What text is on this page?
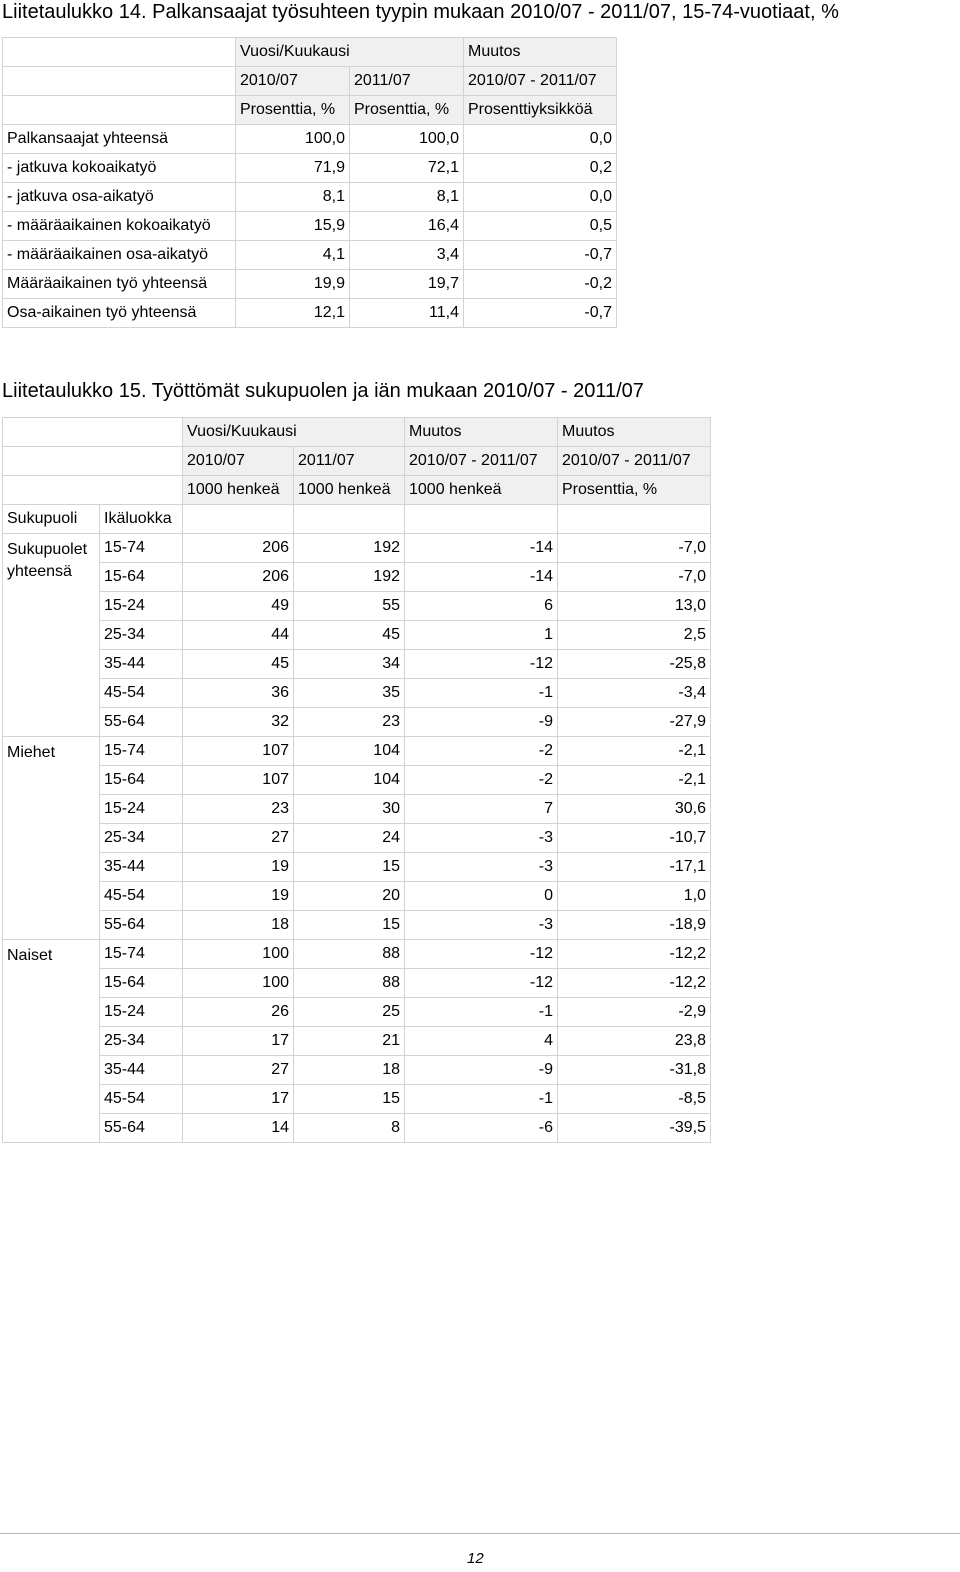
Liitetaulukko 14. Palkansaajat työsuhteen tyypin mukaan 2010/07 - 2011/07, 15-74-vuotiaat, %
	Vuosi/Kuukausi		Muutos
	2010/07	2011/07	2010/07 - 2011/07
	Prosenttia, %	Prosenttia, %	Prosenttiyksikköä
Palkansaajat yhteensä	100,0	100,0	0,0
- jatkuva kokoaikatyö	71,9	72,1	0,2
- jatkuva osa-aikatyö	8,1	8,1	0,0
- määräaikainen kokoaikatyö	15,9	16,4	0,5
- määräaikainen osa-aikatyö	4,1	3,4	-0,7
Määräaikainen työ yhteensä	19,9	19,7	-0,2
Osa-aikainen työ yhteensä	12,1	11,4	-0,7
Liitetaulukko 15. Työttömät sukupuolen ja iän mukaan 2010/07 - 2011/07
		Vuosi/Kuukausi		Muutos	Muutos
		2010/07	2011/07	2010/07 - 2011/07	2010/07 - 2011/07
		1000 henkeä	1000 henkeä	1000 henkeä	Prosenttia, %
Sukupuoli	Ikäluokka				
Sukupuolet yhteensä	15-74	206	192	-14	-7,0
	15-64	206	192	-14	-7,0
	15-24	49	55	6	13,0
	25-34	44	45	1	2,5
	35-44	45	34	-12	-25,8
	45-54	36	35	-1	-3,4
	55-64	32	23	-9	-27,9
Miehet	15-74	107	104	-2	-2,1
	15-64	107	104	-2	-2,1
	15-24	23	30	7	30,6
	25-34	27	24	-3	-10,7
	35-44	19	15	-3	-17,1
	45-54	19	20	0	1,0
	55-64	18	15	-3	-18,9
Naiset	15-74	100	88	-12	-12,2
	15-64	100	88	-12	-12,2
	15-24	26	25	-1	-2,9
	25-34	17	21	4	23,8
	35-44	27	18	-9	-31,8
	45-54	17	15	-1	-8,5
	55-64	14	8	-6	-39,5
12
